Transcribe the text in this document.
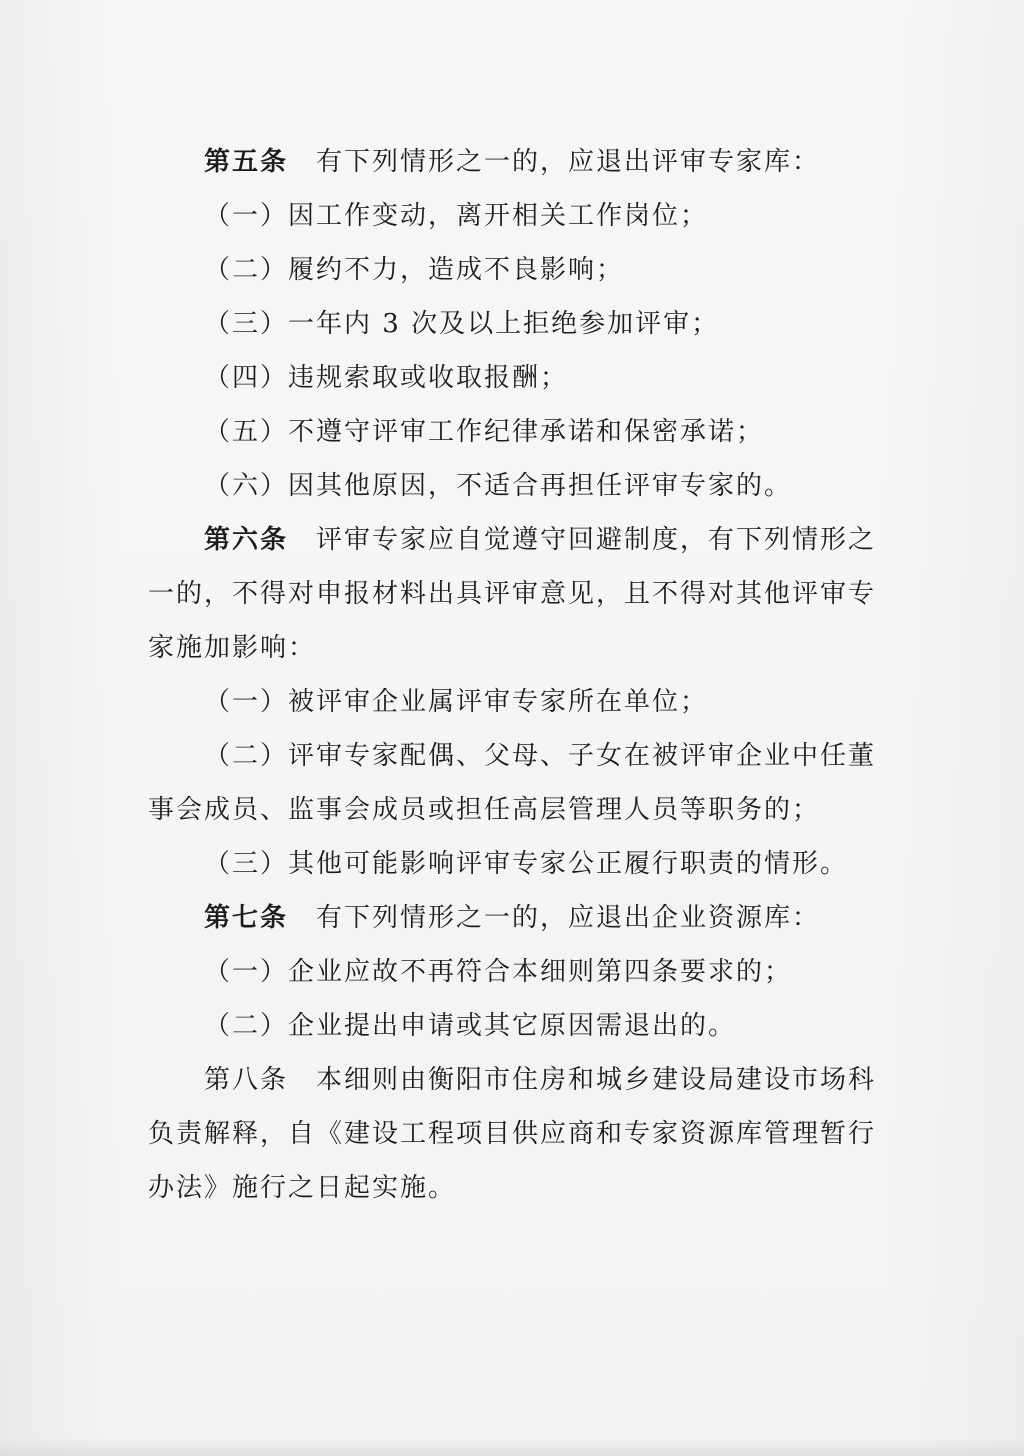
第五条 有下列情形之一的，应退出评审专家库：

（一）因工作变动，离开相关工作岗位；

（二）履约不力，造成不良影响；

（三）一年内 3 次及以上拒绝参加评审；

（四）违规索取或收取报酬；

（五）不遵守评审工作纪律承诺和保密承诺；

（六）因其他原因，不适合再担任评审专家的。

第六条 评审专家应自觉遵守回避制度，有下列情形之一的，不得对申报材料出具评审意见，且不得对其他评审专家施加影响：

（一）被评审企业属评审专家所在单位；

（二）评审专家配偶、父母、子女在被评审企业中任董事会成员、监事会成员或担任高层管理人员等职务的；

（三）其他可能影响评审专家公正履行职责的情形。

第七条 有下列情形之一的，应退出企业资源库：

（一）企业应故不再符合本细则第四条要求的；

（二）企业提出申请或其它原因需退出的。

第八条 本细则由衡阳市住房和城乡建设局建设市场科负责解释，自《建设工程项目供应商和专家资源库管理暂行办法》施行之日起实施。
